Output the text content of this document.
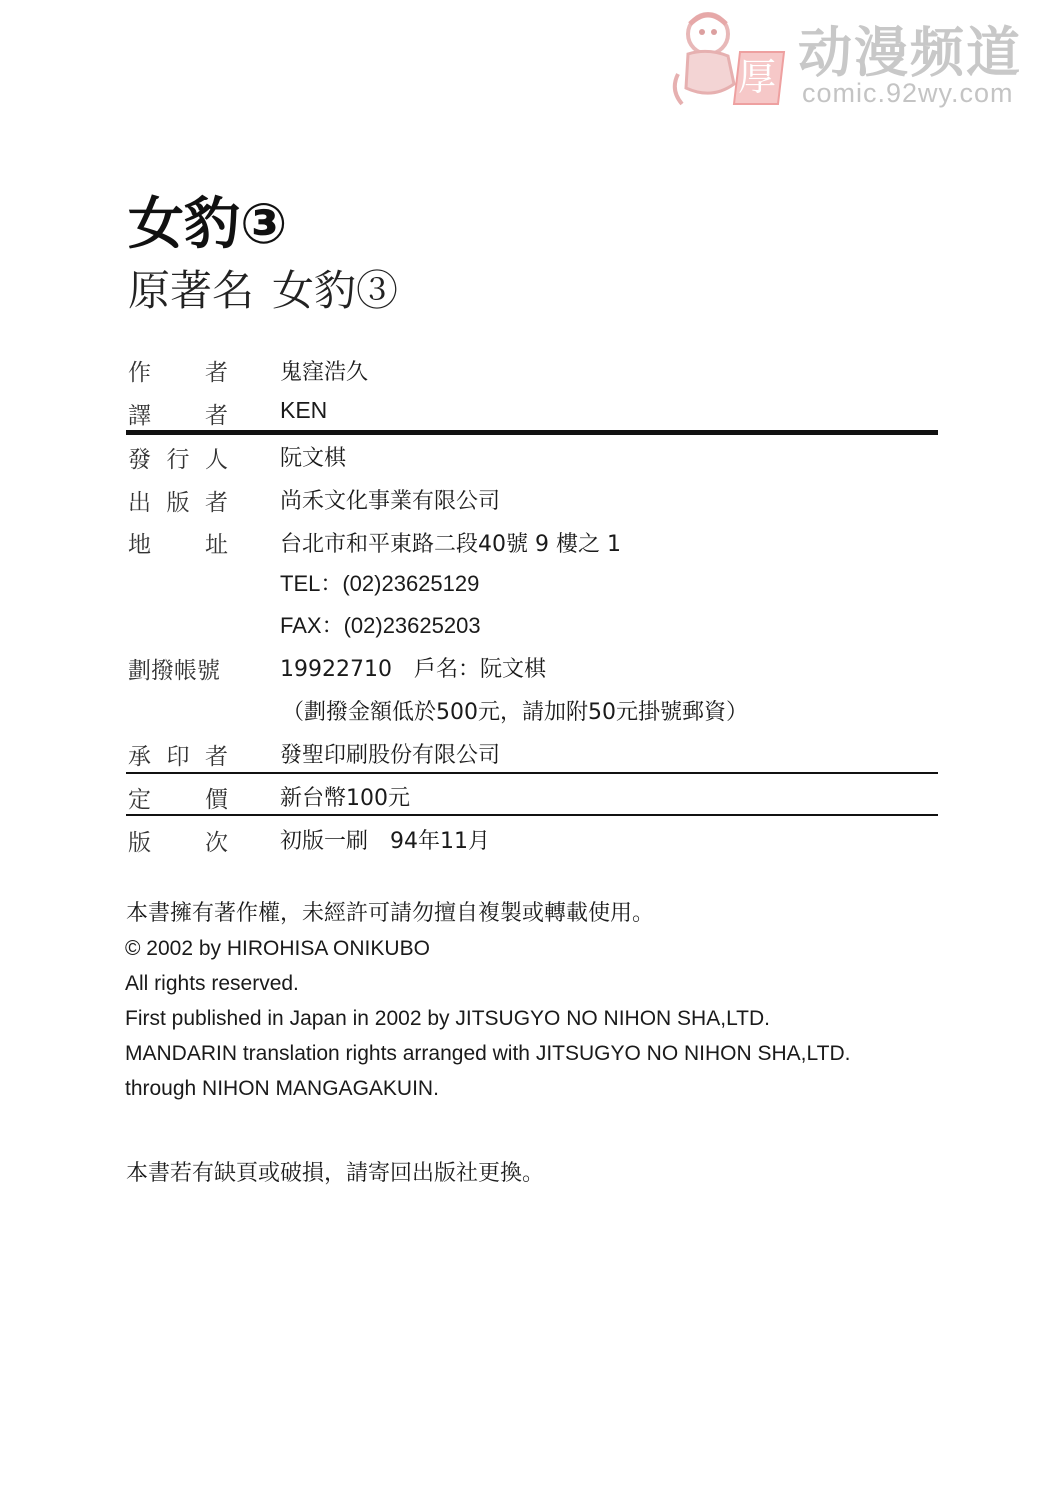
厚 动漫频道
comic.92wy.com
女豹③
原著名 女豹③
作者 鬼窪浩久
譯者 KEN
發行人 阮文棋
出版者 尚禾文化事業有限公司
地址 台北市和平東路二段40號 9 樓之 1
TEL：(02)23625129
FAX：(02)23625203
劃撥帳號	19922710　戶名：阮文棋
（劃撥金額低於500元，請加附50元掛號郵資）
承印者 發聖印刷股份有限公司
定價 新台幣100元
版次 初版一刷　94年11月
本書擁有著作權，未經許可請勿擅自複製或轉載使用。
© 2002 by HIROHISA ONIKUBO
All rights reserved.
First published in Japan in 2002 by JITSUGYO NO NIHON SHA,LTD.
MANDARIN translation rights arranged with JITSUGYO NO NIHON SHA,LTD.
through NIHON MANGAGAKUIN.
本書若有缺頁或破損，請寄回出版社更換。
